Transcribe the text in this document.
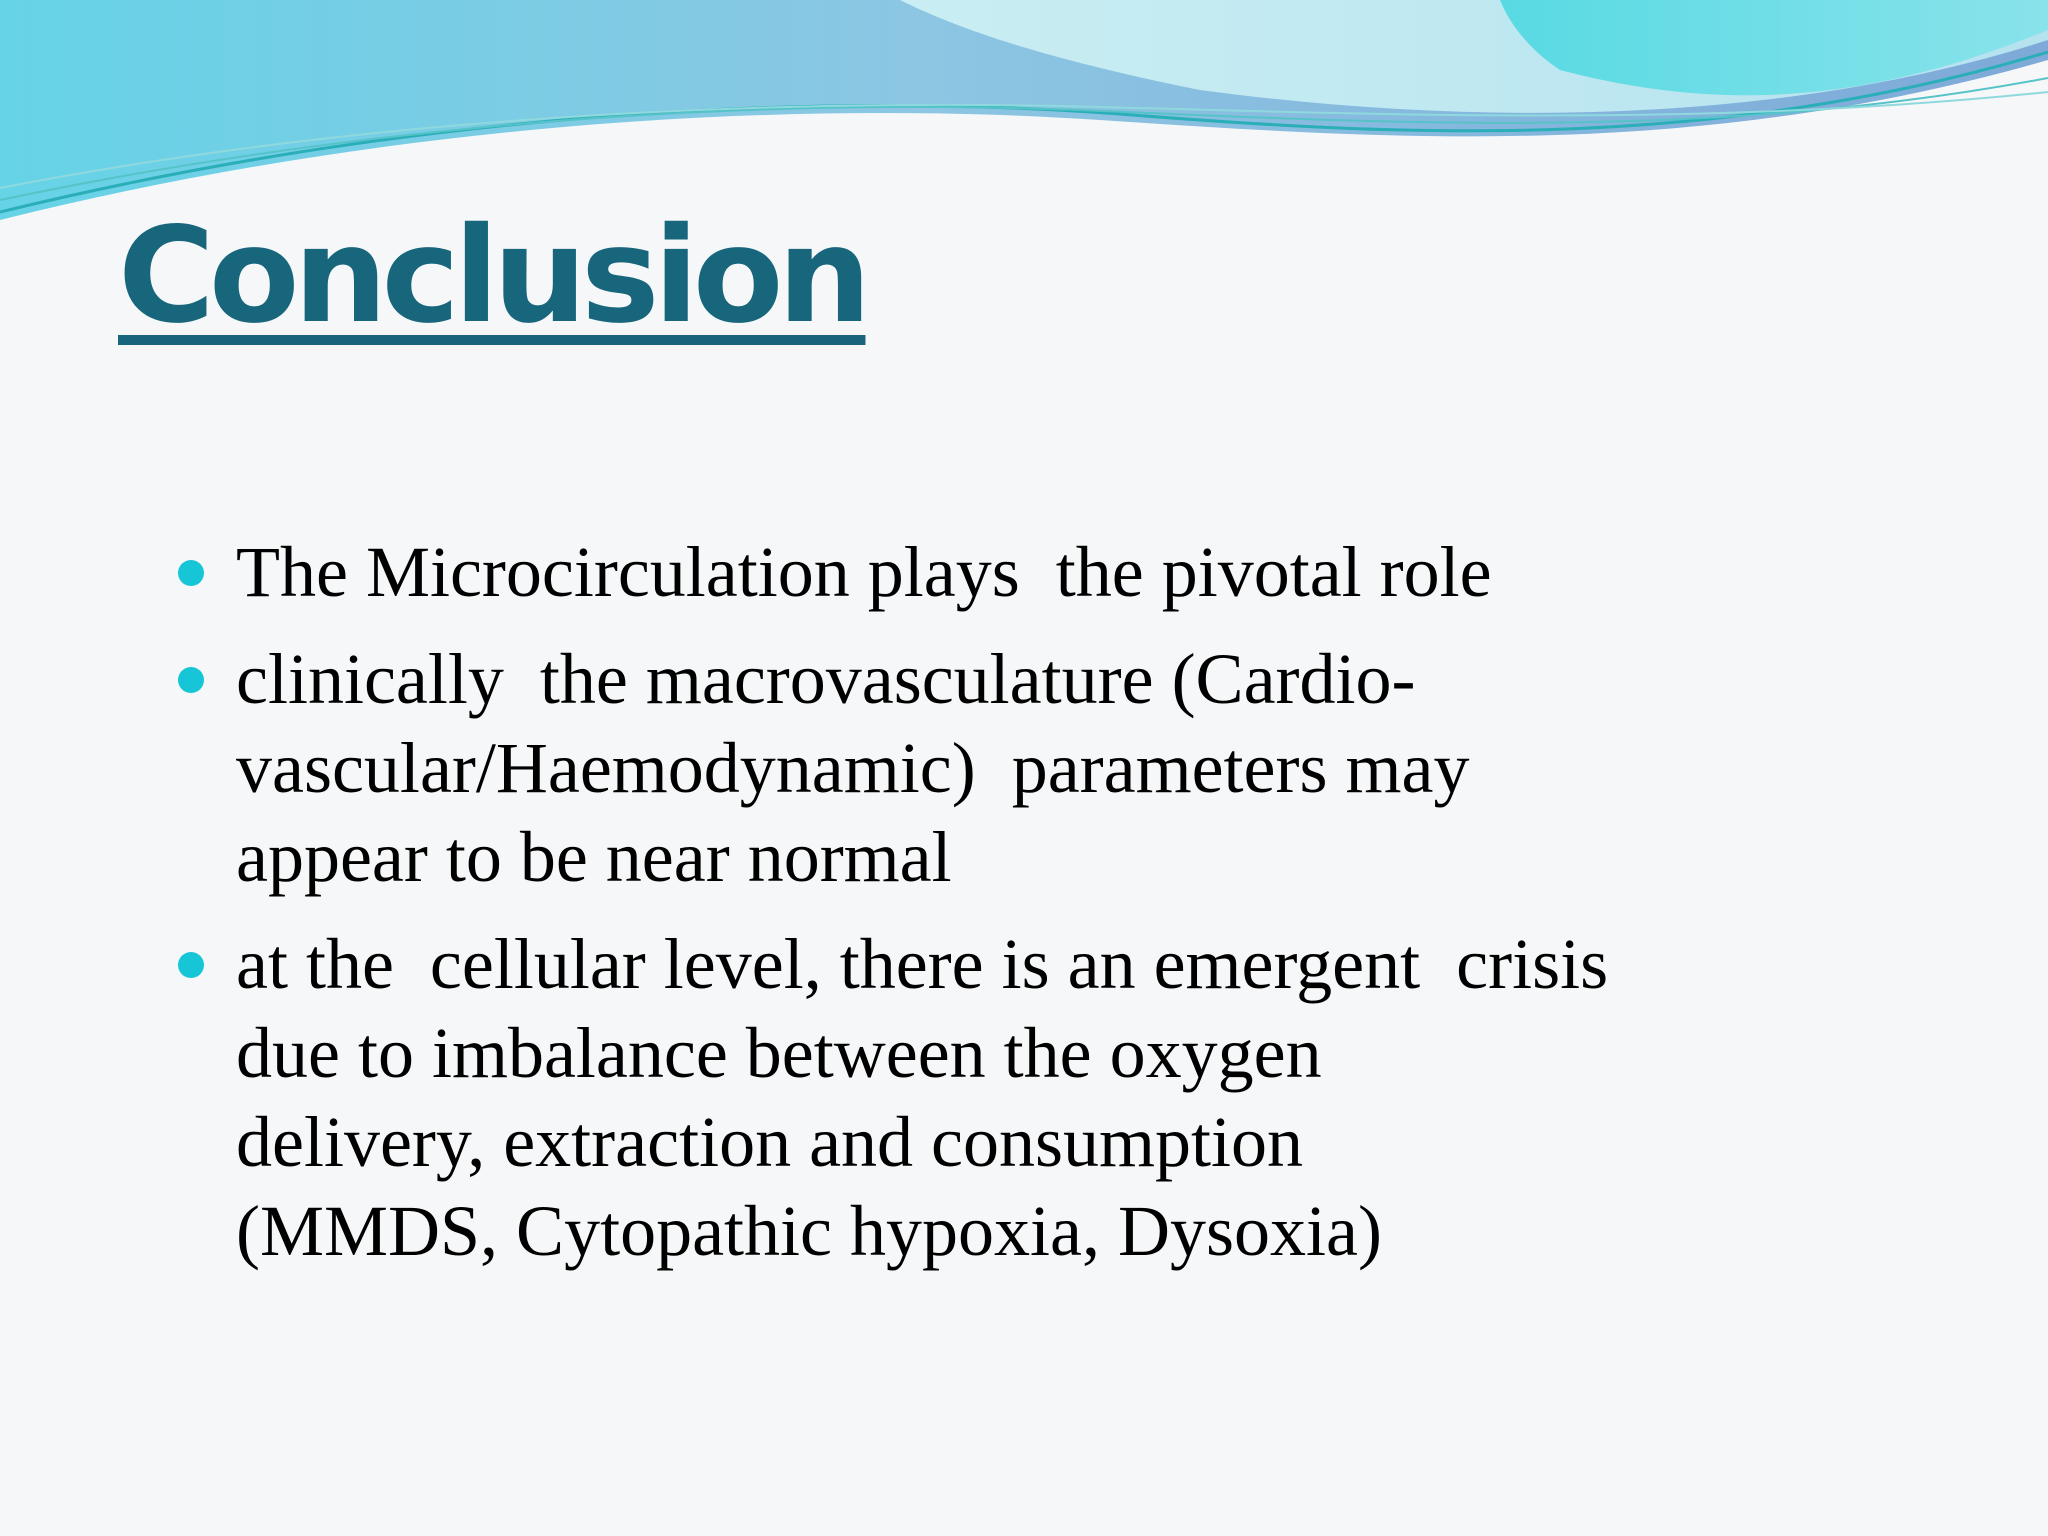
Conclusion
The Microcirculation plays  the pivotal role
clinically  the macrovasculature (Cardio-
vascular/Haemodynamic)  parameters may
appear to be near normal
at the  cellular level, there is an emergent  crisis
due to imbalance between the oxygen
delivery, extraction and consumption
(MMDS, Cytopathic hypoxia, Dysoxia)
